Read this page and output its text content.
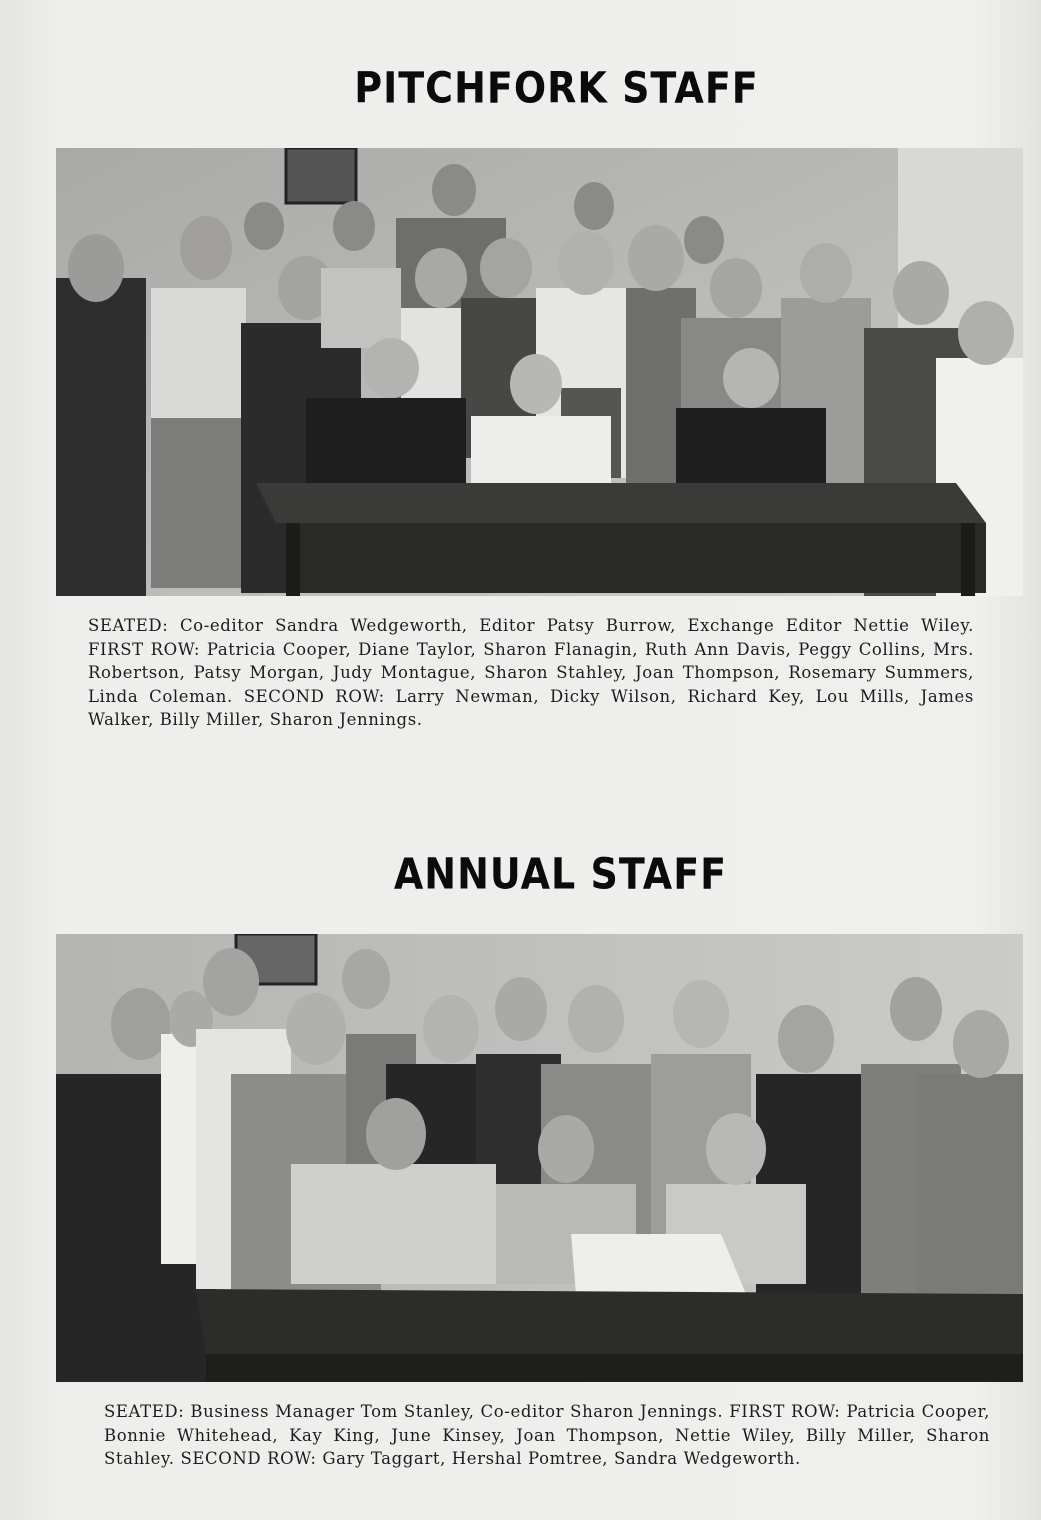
PITCHFORK STAFF

SEATED: Co-editor Sandra Wedgeworth, Editor Patsy Burrow, Exchange Editor Nettie Wiley. FIRST ROW: Patricia Cooper, Diane Taylor, Sharon Flanagin, Ruth Ann Davis, Peggy Collins, Mrs. Robertson, Patsy Morgan, Judy Montague, Sharon Stahley, Joan Thompson, Rosemary Summers, Linda Coleman. SECOND ROW: Larry Newman, Dicky Wilson, Richard Key, Lou Mills, James Walker, Billy Miller, Sharon Jennings.

ANNUAL STAFF

SEATED: Business Manager Tom Stanley, Co-editor Sharon Jennings. FIRST ROW: Patricia Cooper, Bonnie Whitehead, Kay King, June Kinsey, Joan Thompson, Nettie Wiley, Billy Miller, Sharon Stahley. SECOND ROW: Gary Taggart, Hershal Pomtree, Sandra Wedgeworth.
